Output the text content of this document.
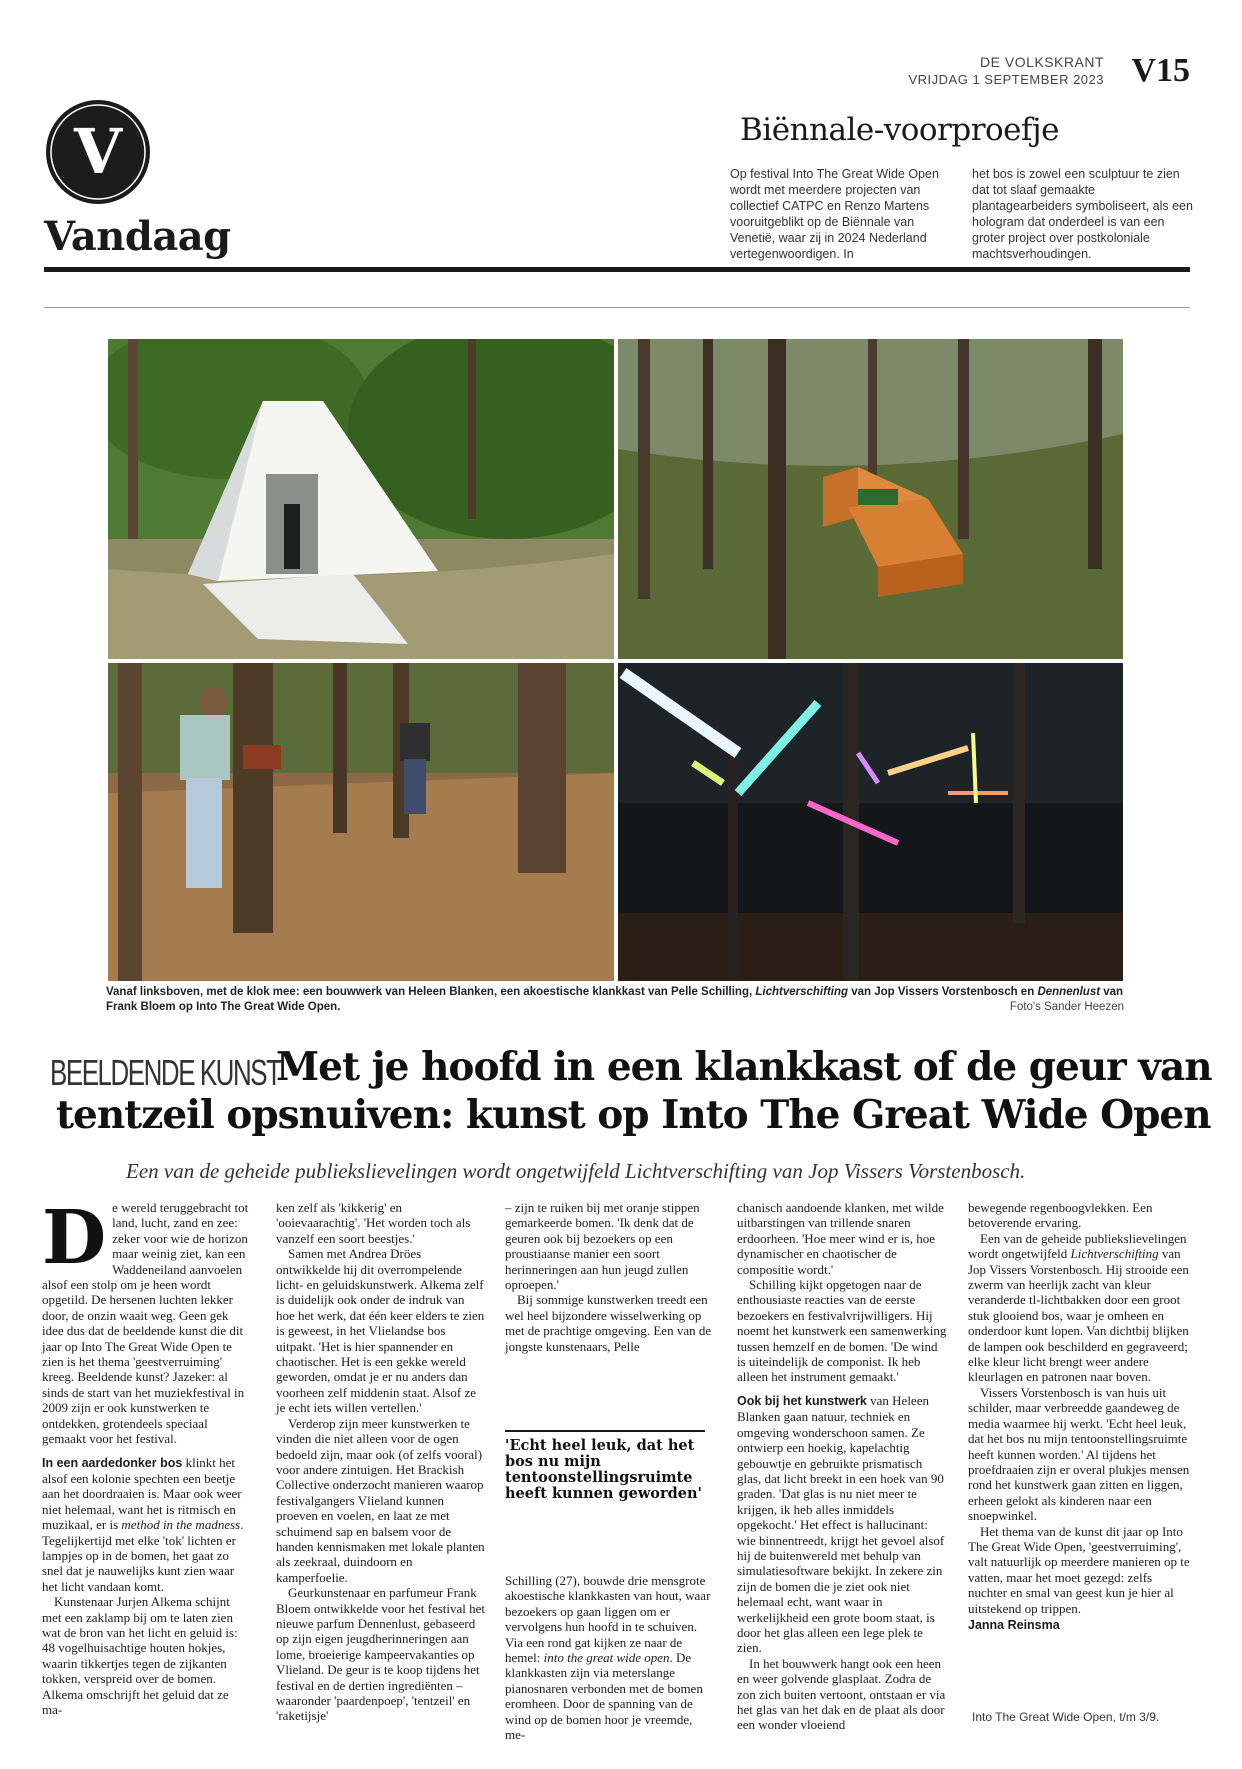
DE VOLKSKRANT
VRIJDAG 1 SEPTEMBER 2023 V15
V
Vandaag
Biënnale-voorproefje
Op festival Into The Great Wide Open wordt met meerdere projecten van collectief CATPC en Renzo Martens vooruitgeblikt op de Biënnale van Venetië, waar zij in 2024 Nederland vertegenwoordigen. In
het bos is zowel een sculptuur te zien dat tot slaaf gemaakte plantagearbeiders symboliseert, als een hologram dat onderdeel is van een groter project over postkoloniale machtsverhoudingen.
Vanaf linksboven, met de klok mee: een bouwwerk van Heleen Blanken, een akoestische klankkast van Pelle Schilling, Lichtverschifting van Jop Vissers Vorstenbosch en Dennenlust van Frank Bloem op Into The Great Wide Open.	Foto's Sander Heezen
BEELDENDE KUNST
Met je hoofd in een klankkast of de geur van
tentzeil opsnuiven: kunst op Into The Great Wide Open
Een van de geheide publiekslievelingen wordt ongetwijfeld Lichtverschifting van Jop Vissers Vorstenbosch.

De wereld teruggebracht tot land, lucht, zand en zee: zeker voor wie de horizon maar weinig ziet, kan een Waddeneiland aanvoelen alsof een stolp om je heen wordt opgetild. De hersenen luchten lekker door, de onzin waait weg. Geen gek idee dus dat de beeldende kunst die dit jaar op Into The Great Wide Open te zien is het thema 'geestverruiming' kreeg. Beeldende kunst? Jazeker: al sinds de start van het muziekfestival in 2009 zijn er ook kunstwerken te ontdekken, grotendeels speciaal gemaakt voor het festival.

In een aardedonker bos klinkt het alsof een kolonie spechten een beetje aan het doordraaien is. Maar ook weer niet helemaal, want het is ritmisch en muzikaal, er is method in the madness. Tegelijkertijd met elke 'tok' lichten er lampjes op in de bomen, het gaat zo snel dat je nauwelijks kunt zien waar het licht vandaan komt.

Kunstenaar Jurjen Alkema schijnt met een zaklamp bij om te laten zien wat de bron van het licht en geluid is: 48 vogelhuisachtige houten hokjes, waarin tikkertjes tegen de zijkanten tokken, verspreid over de bomen. Alkema omschrijft het geluid dat ze ma-

ken zelf als 'kikkerig' en 'ooievaarachtig'. 'Het worden toch als vanzelf een soort beestjes.'

Samen met Andrea Dröes ontwikkelde hij dit overrompelende licht- en geluidskunstwerk. Alkema zelf is duidelijk ook onder de indruk van hoe het werk, dat één keer elders te zien is geweest, in het Vlielandse bos uitpakt. 'Het is hier spannender en chaotischer. Het is een gekke wereld geworden, omdat je er nu anders dan voorheen zelf middenin staat. Alsof ze je echt iets willen vertellen.'

Verderop zijn meer kunstwerken te vinden die niet alleen voor de ogen bedoeld zijn, maar ook (of zelfs vooral) voor andere zintuigen. Het Brackish Collective onderzocht manieren waarop festivalgangers Vlieland kunnen proeven en voelen, en laat ze met schuimend sap en balsem voor de handen kennismaken met lokale planten als zeekraal, duindoorn en kamperfoelie.

Geurkunstenaar en parfumeur Frank Bloem ontwikkelde voor het festival het nieuwe parfum Dennenlust, gebaseerd op zijn eigen jeugdherinneringen aan lome, broeierige kampeervakanties op Vlieland. De geur is te koop tijdens het festival en de dertien ingrediënten – waaronder 'paardenpoep', 'tentzeil' en 'raketijsje'

– zijn te ruiken bij met oranje stippen gemarkeerde bomen. 'Ik denk dat de geuren ook bij bezoekers op een proustiaanse manier een soort herinneringen aan hun jeugd zullen oproepen.'

Bij sommige kunstwerken treedt een wel heel bijzondere wisselwerking op met de prachtige omgeving. Een van de jongste kunstenaars, Pelle

'Echt heel leuk, dat het bos nu mijn tentoonstellingsruimte heeft kunnen geworden'

Schilling (27), bouwde drie mensgrote akoestische klankkasten van hout, waar bezoekers op gaan liggen om er vervolgens hun hoofd in te schuiven. Via een rond gat kijken ze naar de hemel: into the great wide open. De klankkasten zijn via meterslange pianosnaren verbonden met de bomen eromheen. Door de spanning van de wind op de bomen hoor je vreemde, me-

chanisch aandoende klanken, met wilde uitbarstingen van trillende snaren erdoorheen. 'Hoe meer wind er is, hoe dynamischer en chaotischer de compositie wordt.'

Schilling kijkt opgetogen naar de enthousiaste reacties van de eerste bezoekers en festivalvrijwilligers. Hij noemt het kunstwerk een samenwerking tussen hemzelf en de bomen. 'De wind is uiteindelijk de componist. Ik heb alleen het instrument gemaakt.'

Ook bij het kunstwerk van Heleen Blanken gaan natuur, techniek en omgeving wonderschoon samen. Ze ontwierp een hoekig, kapelachtig gebouwtje en gebruikte prismatisch glas, dat licht breekt in een hoek van 90 graden. 'Dat glas is nu niet meer te krijgen, ik heb alles inmiddels opgekocht.' Het effect is hallucinant: wie binnentreedt, krijgt het gevoel alsof hij de buitenwereld met behulp van simulatiesoftware bekijkt. In zekere zin zijn de bomen die je ziet ook niet helemaal echt, want waar in werkelijkheid een grote boom staat, is door het glas alleen een lege plek te zien.

In het bouwwerk hangt ook een heen en weer golvende glasplaat. Zodra de zon zich buiten vertoont, ontstaan er via het glas van het dak en de plaat als door een wonder vloeiend

bewegende regenboogvlekken. Een betoverende ervaring.

Een van de geheide publiekslievelingen wordt ongetwijfeld Lichtverschifting van Jop Vissers Vorstenbosch. Hij strooide een zwerm van heerlijk zacht van kleur veranderde tl-lichtbakken door een groot stuk glooiend bos, waar je omheen en onderdoor kunt lopen. Van dichtbij blijken de lampen ook beschilderd en gegraveerd; elke kleur licht brengt weer andere kleurlagen en patronen naar boven.

Vissers Vorstenbosch is van huis uit schilder, maar verbreedde gaandeweg de media waarmee hij werkt. 'Echt heel leuk, dat het bos nu mijn tentoonstellingsruimte heeft kunnen worden.' Al tijdens het proefdraaien zijn er overal plukjes mensen rond het kunstwerk gaan zitten en liggen, erheen gelokt als kinderen naar een snoepwinkel.

Het thema van de kunst dit jaar op Into The Great Wide Open, 'geestverruiming', valt natuurlijk op meerdere manieren op te vatten, maar het moet gezegd: zelfs nuchter en smal van geest kun je hier al uitstekend op trippen.

Janna Reinsma
Into The Great Wide Open, t/m 3/9.
